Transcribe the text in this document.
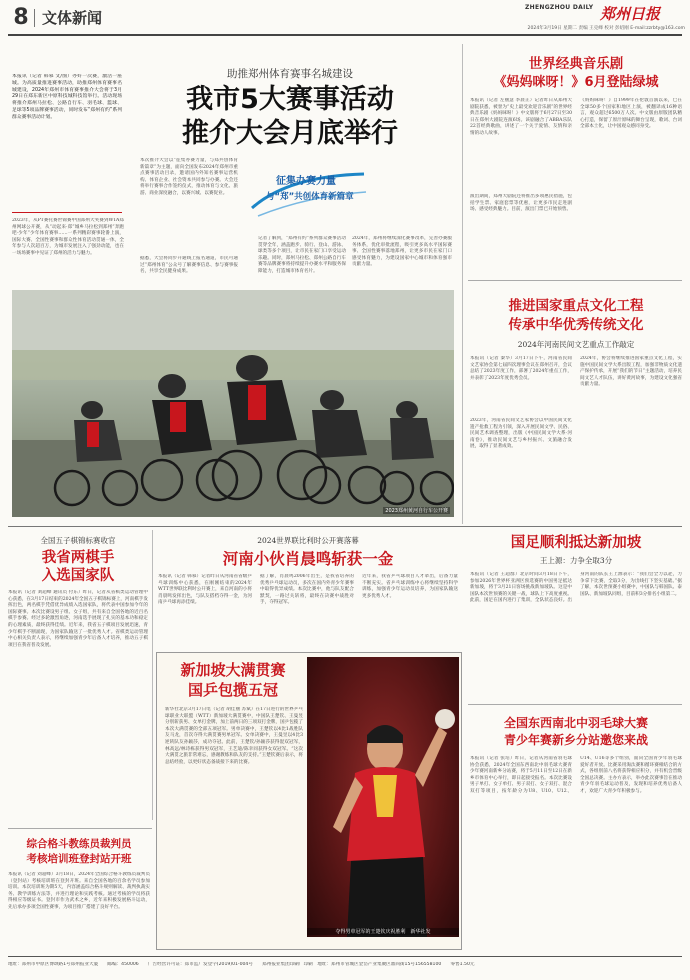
8 文体新闻
ZHENGZHOU DAILY 郑州日报
2024年3月19日 星期二 责编 王克峰 校对 彭绍刚 E-mail:zzrbty@163.com
本报讯（记者 韩慕 文/图）办好一次赛，激活一座城。为高质量推进赛事活动，助推郑州体育赛事名城建设，2024年郑州市体育赛事推介大会将于3月29日在郑东新区中原科技城科技馆举行。活动现场将推介郑州马拉松、公路自行车、羽毛球、篮球、足球等5项品牌赛事活动，同时发布“郑州有约”系列群众赛事活动计划。
助推郑州体育赛事名城建设
我市5大赛事活动
推介大会月底举行
2023年，从PT赛托赛世锦赛中国郑州大奖赛到WTA郑州网球公开赛，从“动起来·郑”城乡马拉松到郑州“奔跑吧·少年”少年体育赛事……一系列精彩赛事轮番上演，国际大赛、全国性赛事和群众性体育活动贯通一体，全年参与人次超百万，为城市发展注入了强劲动能，也在一场场赛事中见证了郑州的活力与魅力。
本次推介大会以“征集办赛力量，与郑共创体育新篇章”为主题，面向全国发布2024年郑州市重点赛事活动目录，邀请国内外知名赛事运营机构、体育企业、社会资本共同参与办赛。大会还将举行赛事合作签约仪式，推动体育与文化、旅游、商业深度融合，以赛兴城、以赛促业。
征集办赛力量
与“郑”共创体育新篇章
记者了解到，“郑州有约”系列群众赛事活动贯穿全年，涵盖跑步、骑行、登山、游泳、球类等多个项目，让市民在家门口享受运动乐趣。同时，郑州马拉松、郑州公路自行车赛等品牌赛事将持续提升办赛水平和服务保障能力，打造城市体育名片。
2024年，郑州将继续深化赛事改革，完善办赛服务体系，优化审批流程，吸引更多高水平国际赛事、全国性赛事落地郑州，让更多市民在家门口感受体育魅力，为建设国家中心城市和体育强市贡献力量。
据悉，大会将同步开通线上报名通道，市民可通过“郑州体育”公众号了解赛事信息、参与赛事报名，共享全民健身成果。
2023郑州黄河自行车公开赛
世界经典音乐剧
《妈妈咪呀！》6月登陆绿城
本报讯（记者 左丽慧 李晨正）记者昨日从郑州大剧院获悉，被誉为“史上最受欢迎音乐剧”的世界经典音乐剧《妈妈咪呀！》中文版将于6月27日至30日在郑州大剧院连演6场。该剧融合了ABBA乐队22首经典歌曲，讲述了一个关于爱情、友情和亲情的动人故事。
《妈妈咪呀！》自1999年在伦敦首演以来，已在全球50多个国家和地区上演，被翻译成16种语言，观众超过6500万人次。中文版由原版团队精心打造，保留了原汁原味的舞台呈现，歌词、台词全部本土化，让中国观众感同身受。
演出期间，郑州大剧院还将推出多项惠民措施，包括学生票、家庭套票等优惠，让更多市民走进剧场、感受经典魅力。目前，演出门票已开始预售。
推进国家重点文化工程
传承中华优秀传统文化
2024年河南民间文艺重点工作敲定
本报讯（记者 秦华）3月17日下午，河南省民间文艺家协会第七届四次理事会议在郑州召开，会议总结了2023年度工作，部署了2024年重点工作，并表彰了2023年度优秀会员。
2023年，河南省民间文艺家协会以中国民间文化遗产抢救工程为引领，深入开展民间文学、民俗、民间艺术调查整理，出版《中国民间文学大系·河南卷》，推动民间文艺与乡村振兴、文旅融合发展，取得了显著成效。
2024年，协会将继续推进国家重点文化工程，实施中国民间文学大系出版工程，加强非物质文化遗产保护传承，开展“我们的节日”主题活动，培养民间文艺人才队伍，讲好黄河故事，为建设文化强省贡献力量。
全国五子棋锦标赛收官
我省两棋手
入选国家队
本报讯（记者 刘超峰 通讯员 付东）昨日，记者从省棋类运动管理中心获悉，在3月17日结束的2024年全国五子棋锦标赛上，河南棋手发挥出色，两名棋手凭借优异成绩入选国家队，将代表中国参加今年的国际赛事。本次比赛设男子组、女子组，共有来自全国各地的近百名棋手参赛。经过多轮激烈角逐，河南选手展现了扎实的基本功和稳定的心理素质，最终获得佳绩。近年来，我省五子棋项目发展迅速，青少年棋手不断涌现，为国家队输送了一批优秀人才。省棋类运动管理中心相关负责人表示，将继续加强青少年后备人才培养，推动五子棋项目在我省普及发展。
2024世界联比利时公开赛落幕
河南小伙肖晨鸣斩获一金
本报讯（记者 韩慕）记者昨日从河南省省级乒乓球训练中心获悉，在刚刚结束的2024年WTT世界联比利时公开赛上，来自河南的小将肖晨鸣发挥出色，与队友搭档夺得一金，为河南乒乓球再添佳绩。
据了解，肖晨鸣2006年出生，是我省培养的优秀乒乓球运动员，多次在国内外青少年赛事中取得优异成绩。本次比赛中，他与队友配合默契，一路过关斩将，最终在决赛中战胜对手，夺得冠军。
近年来，我省乒乓球项目人才辈出，后备力量不断充实。省乒乓球训练中心将继续坚持科学训练，加强青少年运动员培养，为国家队输送更多优秀人才。
新加坡大满贯赛
国乒包揽五冠
新华社北京3月17日电（记者 胡佳丽 苏斌）在17日进行的世界乒乓球职业大联盟（WTT）新加坡大满贯赛中，中国队王楚钦、王曼昱分别斩获男、女单打金牌，加上前两日的三项双打金牌，国乒包揽了本次大满贯赛的全部五项冠军。男单决赛中，王楚钦以4比1战胜队友马龙，首次夺得大满贯赛男单冠军。女单决赛中，王曼昱以4比3逆转队友孙颖莎，成功夺冠。此前，王楚钦/孙颖莎获得混双冠军，林高远/林诗栋获得男双冠军，王艺迪/陈幸同获得女双冠军。“这次大满贯之旅非常难忘，感谢教练和队友的支持。”王楚钦赛后表示，将总结经验，以更好状态备战接下来的比赛。
夺得男单冠军的王楚钦庆祝胜利　新华社发
国足顺利抵达新加坡
王上源：力争全取3分
本报讯（记者 王超群）北京时间3月18日下午，参加2026年世界杯亚洲区预选赛的中国男足抵达新加坡，将于3月21日客场挑战新加坡队。这是中国队本次世预赛的关键一战，球队上下高度重视。此前，国足在国内进行了集训，全队状态良好。出身河南的队长王上源表示：“我们会全力以赴，力争拿下比赛，全取3分，为出线打下坚实基础。”据了解，本次世预赛小组赛中，中国队与韩国队、泰国队、新加坡队同组，目前积3分排名小组第二。
全国东西南北中羽毛球大赛
青少年赛新乡分站邀您来战
本报讯（记者 张培）昨日，记者从河南省羽毛球协会获悉，2024年全国东西南北中羽毛球大赛青少年赛河南新乡分站赛，将于5月11日至12日在新乡市体育中心举行，即日起接受报名。本次比赛设男子单打、女子单打、男子双打、女子双打、混合双打等项目，按年龄分为U8、U10、U12、U14、U16等多个组别，面向全国青少年羽毛球爱好者开放。比赛采用淘汰赛和循环赛相结合的方式，各组别前八名将获得相应积分，并有机会晋级全国总决赛。主办方表示，举办此次赛事旨在推动青少年羽毛球运动普及，发现和培养优秀后备人才，欢迎广大青少年积极参与。
综合格斗教练员裁判员
考核培训班登封站开班
本报讯（记者 刘超峰）3月18日，2024年全国综合格斗教练员裁判员（登封站）考核培训班在登封开班。来自全国各地的百余名学员参加培训。本次培训班为期5天，内容涵盖综合格斗规则解读、裁判执裁实务、教学训练方法等，并进行理论和实践考核。通过考核的学员将获得相应等级证书。登封市作为武术之乡，近年来积极发展格斗运动，先后承办多项全国性赛事，为项目推广搭建了良好平台。
地址：郑州市中原区博颂路1号郑州报业大厦　　邮编：450006　　广告经营许可证：郑市监广发登字(2019)01-004号　　郑州报业集团印刷厂印刷　地址：郑州市管城区金岱产业集聚区鼎尚街15号156558100　　零售1.50元
